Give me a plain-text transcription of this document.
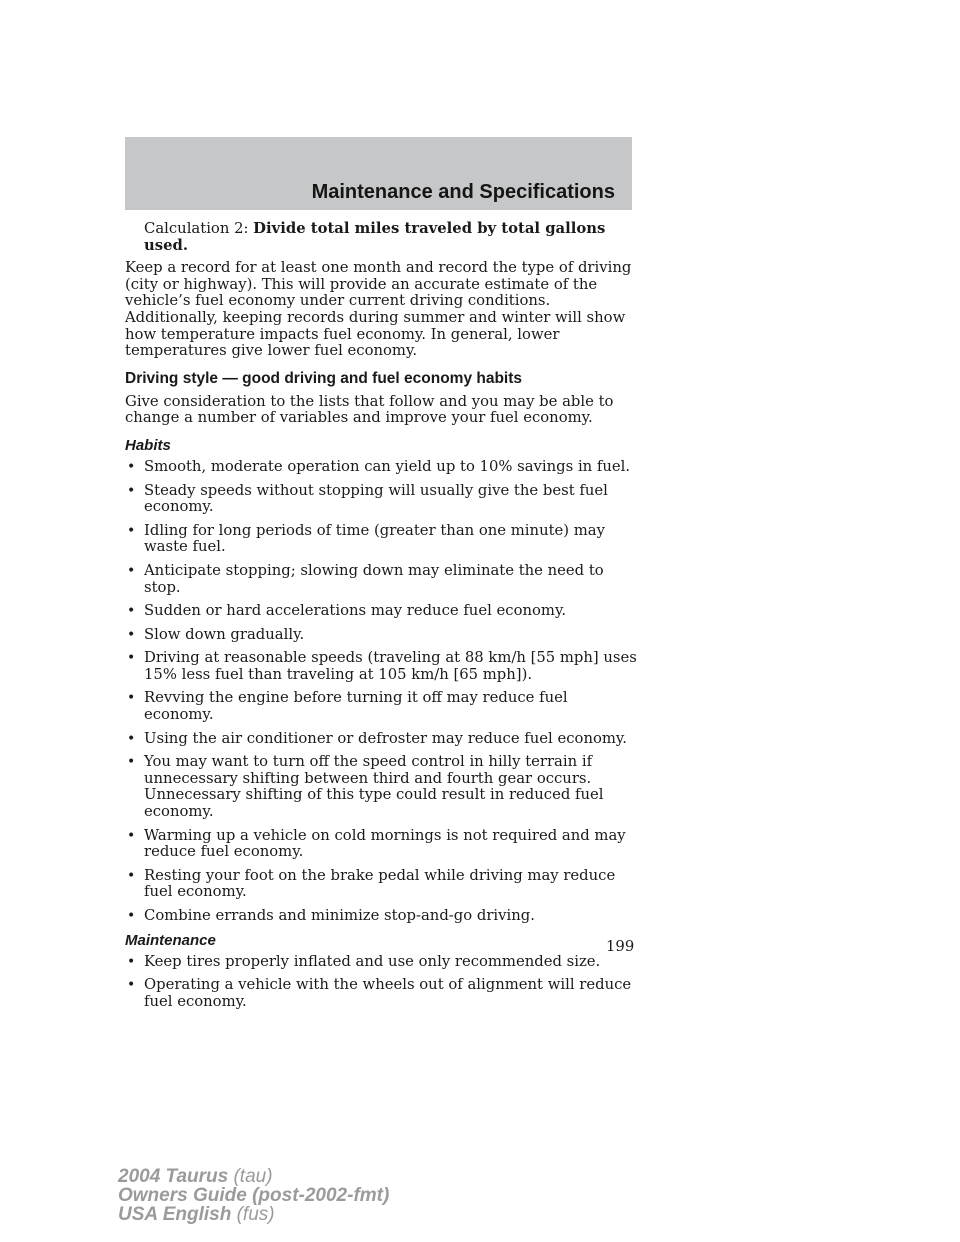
Maintenance and Specifications

Calculation 2: Divide total miles traveled by total gallons used.

Keep a record for at least one month and record the type of driving (city or highway). This will provide an accurate estimate of the vehicle’s fuel economy under current driving conditions. Additionally, keeping records during summer and winter will show how temperature impacts fuel economy. In general, lower temperatures give lower fuel economy.

Driving style — good driving and fuel economy habits

Give consideration to the lists that follow and you may be able to change a number of variables and improve your fuel economy.

Habits
• Smooth, moderate operation can yield up to 10% savings in fuel.
• Steady speeds without stopping will usually give the best fuel economy.
• Idling for long periods of time (greater than one minute) may waste fuel.
• Anticipate stopping; slowing down may eliminate the need to stop.
• Sudden or hard accelerations may reduce fuel economy.
• Slow down gradually.
• Driving at reasonable speeds (traveling at 88 km/h [55 mph] uses 15% less fuel than traveling at 105 km/h [65 mph]).
• Revving the engine before turning it off may reduce fuel economy.
• Using the air conditioner or defroster may reduce fuel economy.
• You may want to turn off the speed control in hilly terrain if unnecessary shifting between third and fourth gear occurs. Unnecessary shifting of this type could result in reduced fuel economy.
• Warming up a vehicle on cold mornings is not required and may reduce fuel economy.
• Resting your foot on the brake pedal while driving may reduce fuel economy.
• Combine errands and minimize stop-and-go driving.
Maintenance
• Keep tires properly inflated and use only recommended size.
• Operating a vehicle with the wheels out of alignment will reduce fuel economy.
199
2004 Taurus (tau)
Owners Guide (post-2002-fmt)
USA English (fus)
